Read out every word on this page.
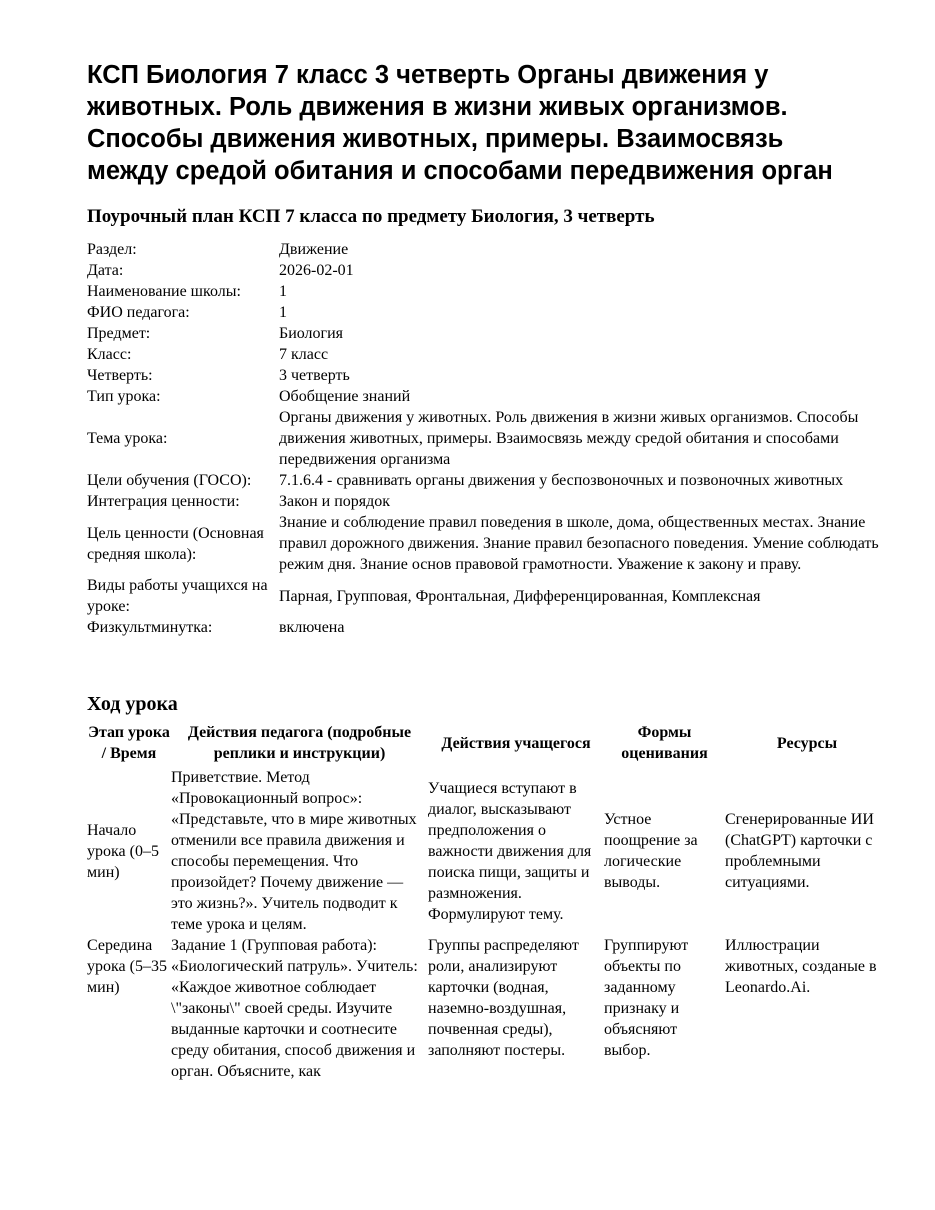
КСП Биология 7 класс 3 четверть Органы движения у
животных. Роль движения в жизни живых организмов.
Способы движения животных, примеры. Взаимосвязь
между средой обитания и способами передвижения орган
Поурочный план КСП 7 класса по предмету Биология, 3 четверть
Раздел:	Движение
Дата:	2026-02-01
Наименование школы:	1
ФИО педагога:	1
Предмет:	Биология
Класс:	7 класс
Четверть:	3 четверть
Тип урока:	Обобщение знаний
Тема урока:	Органы движения у животных. Роль движения в жизни живых организмов. Способы движения животных, примеры. Взаимосвязь между средой обитания и способами передвижения организма
Цели обучения (ГОСО):	7.1.6.4 - сравнивать органы движения у беспозвоночных и позвоночных животных
Интеграция ценности:	Закон и порядок
Цель ценности (Основная средняя школа):	Знание и соблюдение правил поведения в школе, дома, общественных местах. Знание правил дорожного движения. Знание правил безопасного поведения. Умение соблюдать режим дня. Знание основ правовой грамотности. Уважение к закону и праву.
Виды работы учащихся на уроке:	Парная, Групповая, Фронтальная, Дифференцированная, Комплексная
Физкультминутка:	включена
Ход урока
Этап урока / Время	Действия педагога (подробные реплики и инструкции)	Действия учащегося	Формы оценивания	Ресурсы
Начало урока (0–5 мин)	Приветствие. Метод «Провокационный вопрос»: «Представьте, что в мире животных отменили все правила движения и способы перемещения. Что произойдет? Почему движение — это жизнь?». Учитель подводит к теме урока и целям.	Учащиеся вступают в диалог, высказывают предположения о важности движения для поиска пищи, защиты и размножения. Формулируют тему.	Устное поощрение за логические выводы.	Сгенерированные ИИ (ChatGPT) карточки с проблемными ситуациями.
Середина урока (5–35 мин)	Задание 1 (Групповая работа): «Биологический патруль». Учитель: «Каждое животное соблюдает \"законы\" своей среды. Изучите выданные карточки и соотнесите среду обитания, способ движения и орган. Объясните, как	Группы распределяют роли, анализируют карточки (водная, наземно-воздушная, почвенная среды), заполняют постеры.	Группируют объекты по заданному признаку и объясняют выбор.	Иллюстрации животных, созданые в Leonardo.Ai.
